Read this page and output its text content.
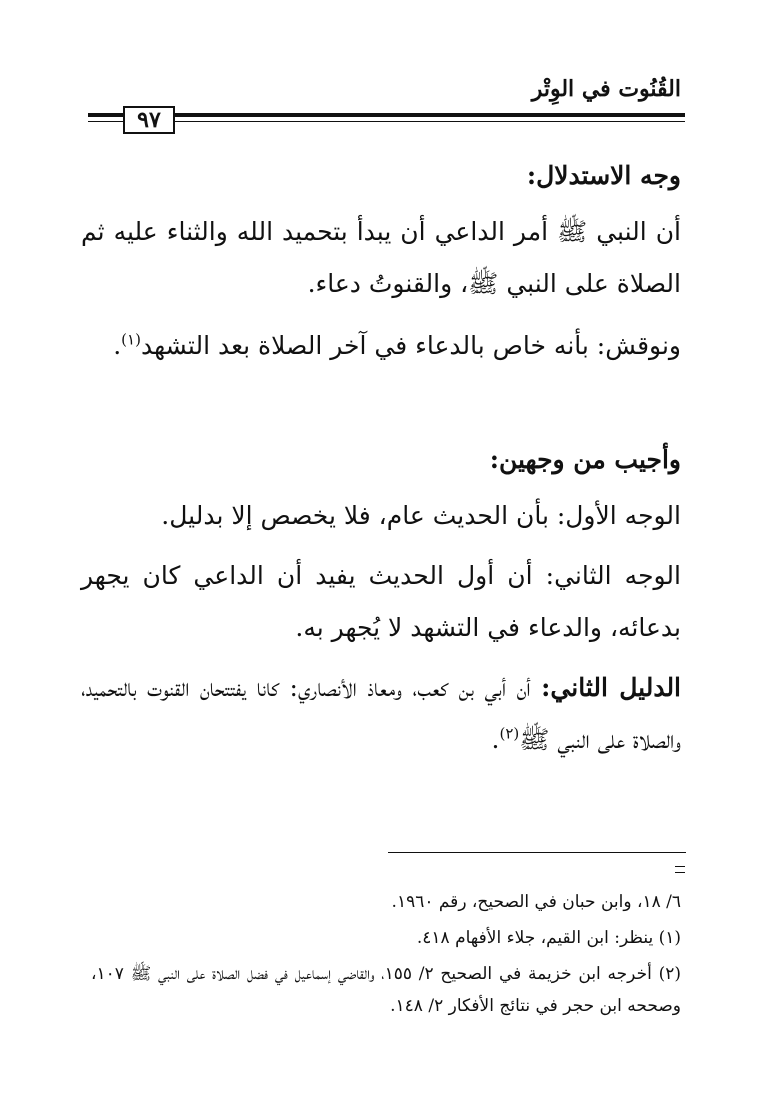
القُنُوت في الوِتْر
٩٧

وجه الاستدلال:

أن النبي ﷺ أمر الداعي أن يبدأ بتحميد الله والثناء عليه ثم الصلاة على النبي ﷺ، والقنوتُ دعاء.

ونوقش: بأنه خاص بالدعاء في آخر الصلاة بعد التشهد$^{(١)}$.

وأجيب من وجهين:

الوجه الأول: بأن الحديث عام، فلا يخصص إلا بدليل.

الوجه الثاني: أن أول الحديث يفيد أن الداعي كان يجهر بدعائه، والدعاء في التشهد لا يُجهر به.

الدليل الثاني: أن أبي بن كعب، ومعاذ الأنصاري: كانا يفتتحان القنوت بالتحميد، والصلاة على النبي ﷺ$^{(٢)}$.

٦/ ١٨، وابن حبان في الصحيح، رقم ١٩٦٠.

(١) ينظر: ابن القيم، جلاء الأفهام ٤١٨.

(٢) أخرجه ابن خزيمة في الصحيح ٢/ ١٥٥، والقاضي إسماعيل في فضل الصلاة على النبي ﷺ ١٠٧، وصححه ابن حجر في نتائج الأفكار ٢/ ١٤٨.
